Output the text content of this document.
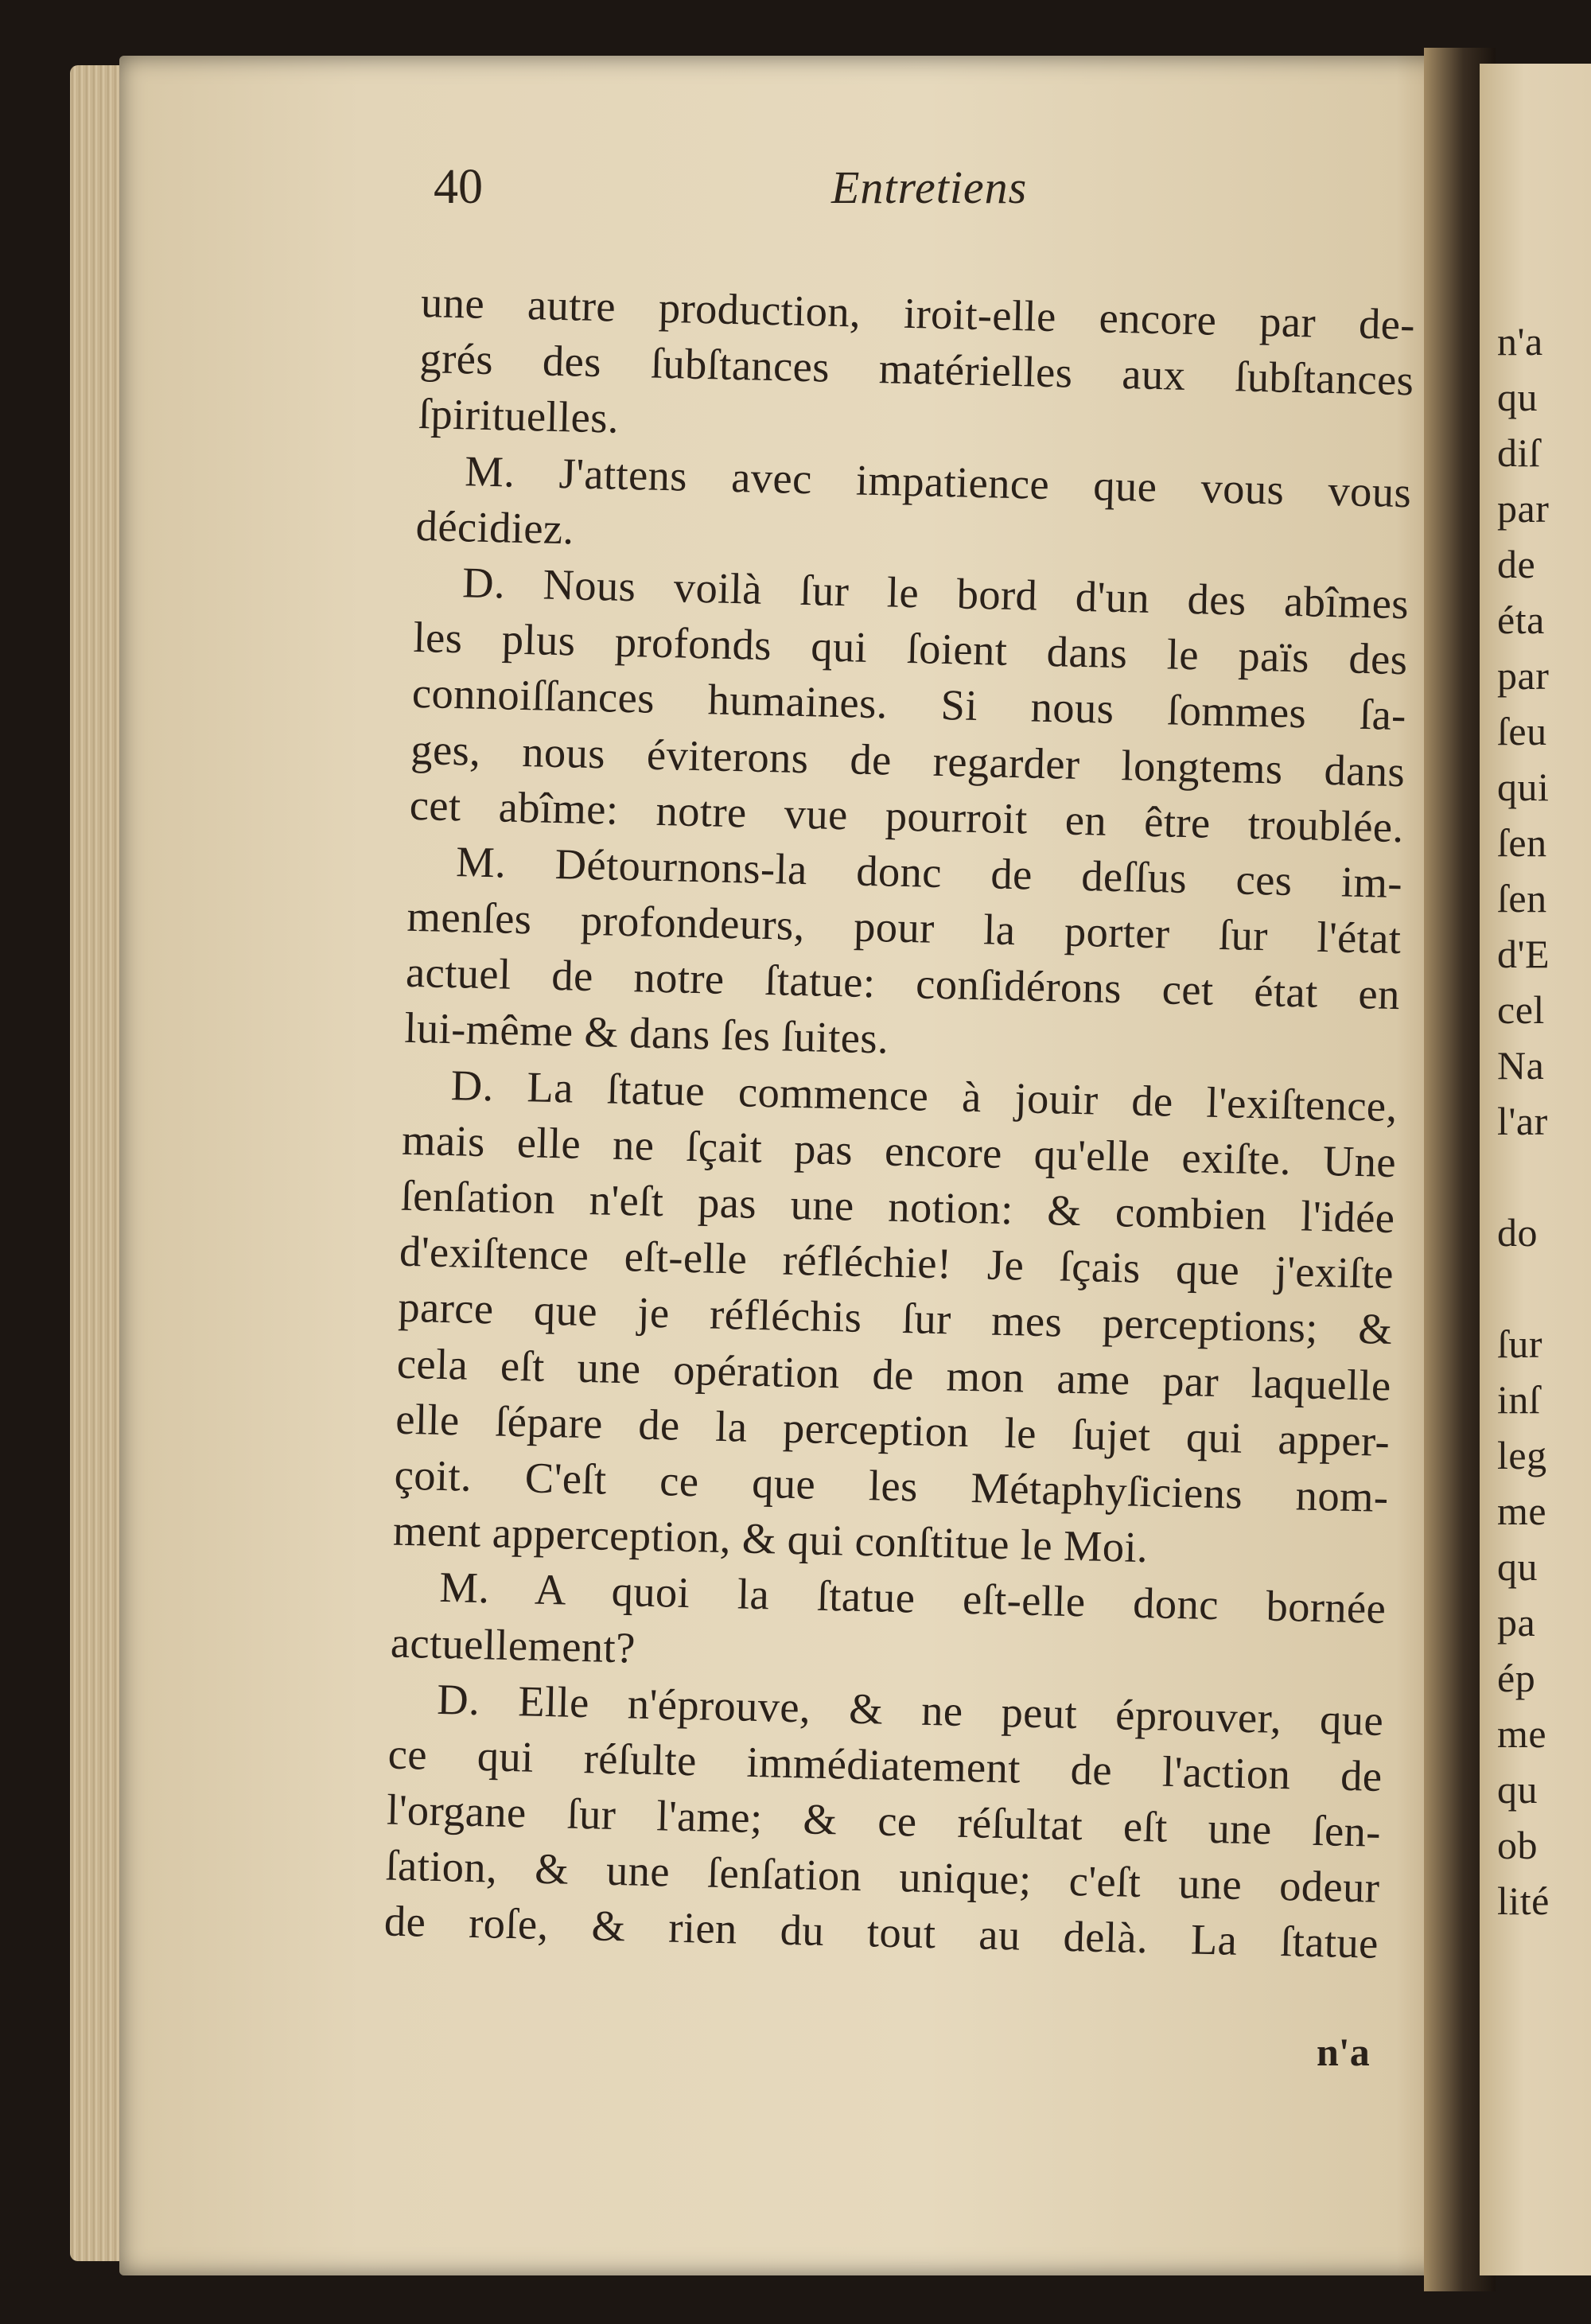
n'a
qu
diſ
par
de
éta
par
ſeu
qui
ſen
ſen
d'E
cel
Na
l'ar
do
ſur
inſ
leg
me
qu
pa
ép
me
qu
ob
lité
40	Entretiens
une autre production, iroit-elle encore par de-
grés des ſubſtances matérielles aux ſubſtances
ſpirituelles.
M. J'attens avec impatience que vous vous
décidiez.
D. Nous voilà ſur le bord d'un des abîmes
les plus profonds qui ſoient dans le païs des
connoiſſances humaines. Si nous ſommes ſa-
ges, nous éviterons de regarder longtems dans
cet abîme: notre vue pourroit en être troublée.
M. Détournons-la donc de deſſus ces im-
menſes profondeurs, pour la porter ſur l'état
actuel de notre ſtatue: conſidérons cet état en
lui-même & dans ſes ſuites.
D. La ſtatue commence à jouir de l'exiſtence,
mais elle ne ſçait pas encore qu'elle exiſte. Une
ſenſation n'eſt pas une notion: & combien l'idée
d'exiſtence eſt-elle réfléchie! Je ſçais que j'exiſte
parce que je réfléchis ſur mes perceptions; &
cela eſt une opération de mon ame par laquelle
elle ſépare de la perception le ſujet qui apper-
çoit. C'eſt ce que les Métaphyſiciens nom-
ment apperception, & qui conſtitue le Moi.
M. A quoi la ſtatue eſt-elle donc bornée
actuellement?
D. Elle n'éprouve, & ne peut éprouver, que
ce qui réſulte immédiatement de l'action de
l'organe ſur l'ame; & ce réſultat eſt une ſen-
ſation, & une ſenſation unique; c'eſt une odeur
de roſe, & rien du tout au delà. La ſtatue
n'a
